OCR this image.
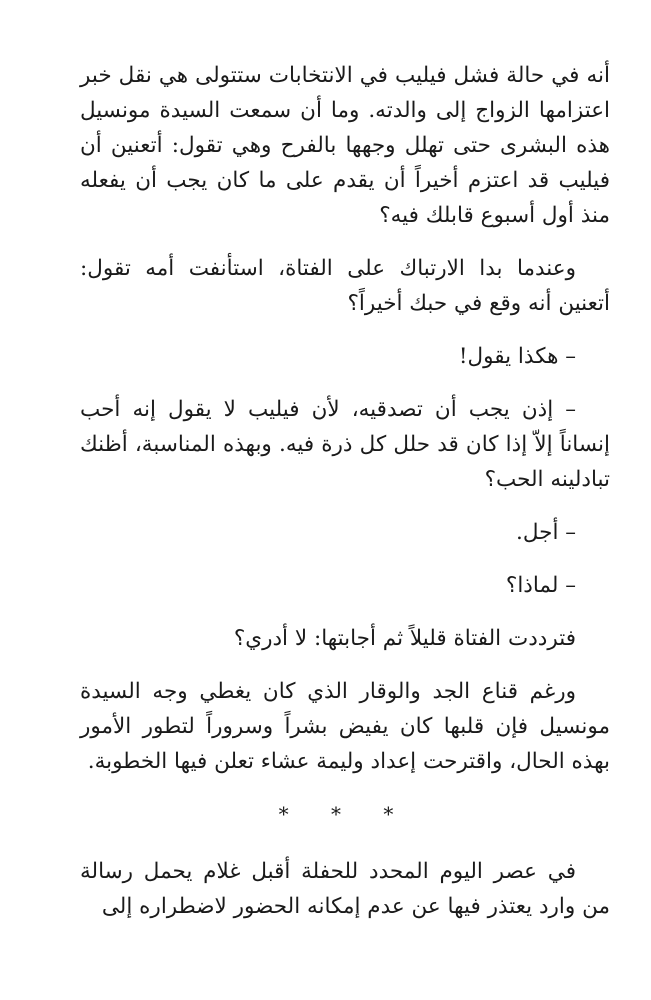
أنه في حالة فشل فيليب في الانتخابات ستتولى هي نقل خبر اعتزامها الزواج إلى والدته. وما أن سمعت السيدة مونسيل هذه البشرى حتى تهلل وجهها بالفرح وهي تقول: أتعنين أن فيليب قد اعتزم أخيراً أن يقدم على ما كان يجب أن يفعله منذ أول أسبوع قابلك فيه؟

وعندما بدا الارتباك على الفتاة، استأنفت أمه تقول: أتعنين أنه وقع في حبك أخيراً؟

– هكذا يقول!

– إذن يجب أن تصدقيه، لأن فيليب لا يقول إنه أحب إنساناً إلاّ إذا كان قد حلل كل ذرة فيه. وبهذه المناسبة، أظنك تبادلينه الحب؟

– أجل.

– لماذا؟

فترددت الفتاة قليلاً ثم أجابتها: لا أدري؟

ورغم قناع الجد والوقار الذي كان يغطي وجه السيدة مونسيل فإن قلبها كان يفيض بشراً وسروراً لتطور الأمور بهذه الحال، واقترحت إعداد وليمة عشاء تعلن فيها الخطوبة.

* * *

في عصر اليوم المحدد للحفلة أقبل غلام يحمل رسالة من وارد يعتذر فيها عن عدم إمكانه الحضور لاضطراره إلى
